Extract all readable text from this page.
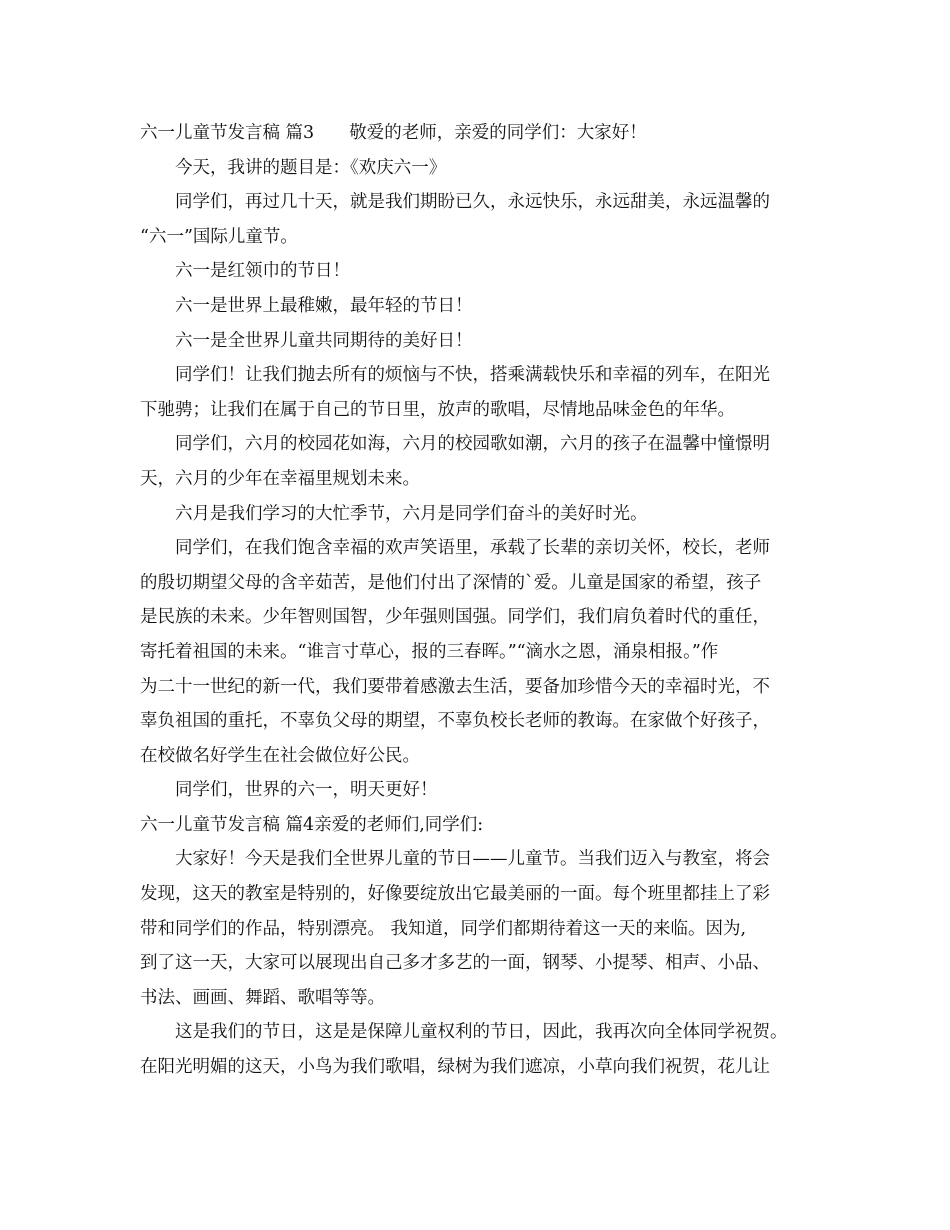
六一儿童节发言稿 篇3　　敬爱的老师，亲爱的同学们：大家好！
今天，我讲的题目是：《欢庆六一》
同学们，再过几十天，就是我们期盼已久，永远快乐，永远甜美，永远温馨的
“六一”国际儿童节。
六一是红领巾的节日！
六一是世界上最稚嫩，最年轻的节日！
六一是全世界儿童共同期待的美好日！
同学们！让我们抛去所有的烦恼与不快，搭乘满载快乐和幸福的列车，在阳光
下驰骋；让我们在属于自己的节日里，放声的歌唱，尽情地品味金色的年华。
同学们，六月的校园花如海，六月的校园歌如潮，六月的孩子在温馨中憧憬明
天，六月的少年在幸福里规划未来。
六月是我们学习的大忙季节，六月是同学们奋斗的美好时光。
同学们，在我们饱含幸福的欢声笑语里，承载了长辈的亲切关怀，校长，老师
的殷切期望父母的含辛茹苦，是他们付出了深情的`爱。儿童是国家的希望，孩子
是民族的未来。少年智则国智，少年强则国强。同学们，我们肩负着时代的重任，
寄托着祖国的未来。“谁言寸草心，报的三春晖。”“滴水之恩，涌泉相报。”作
为二十一世纪的新一代，我们要带着感激去生活，要备加珍惜今天的幸福时光，不
辜负祖国的重托，不辜负父母的期望，不辜负校长老师的教诲。在家做个好孩子，
在校做名好学生在社会做位好公民。
同学们，世界的六一，明天更好！
六一儿童节发言稿 篇4亲爱的老师们,同学们:
大家好！今天是我们全世界儿童的节日——儿童节。当我们迈入与教室，将会
发现，这天的教室是特别的，好像要绽放出它最美丽的一面。每个班里都挂上了彩
带和同学们的作品，特别漂亮。 我知道，同学们都期待着这一天的来临。因为,
到了这一天，大家可以展现出自己多才多艺的一面，钢琴、小提琴、相声、小品、
书法、画画、舞蹈、歌唱等等。
这是我们的节日，这是是保障儿童权利的节日，因此，我再次向全体同学祝贺。
在阳光明媚的这天，小鸟为我们歌唱，绿树为我们遮凉，小草向我们祝贺，花儿让
